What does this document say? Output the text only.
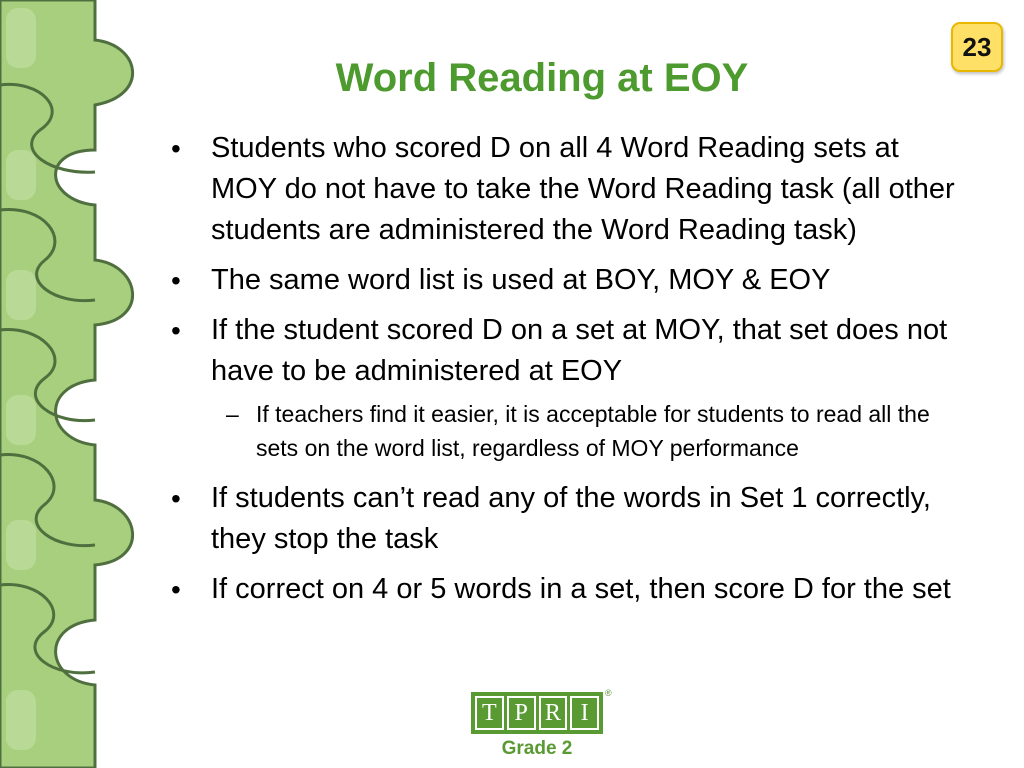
23
Word Reading at EOY
• Students who scored D on all 4 Word Reading sets at MOY do not have to take the Word Reading task (all other students are administered the Word Reading task)
• The same word list is used at BOY, MOY & EOY
• If the student scored D on a set at MOY, that set does not have to be administered at EOY
– If teachers find it easier, it is acceptable for students to read all the sets on the word list, regardless of MOY performance
• If students can’t read any of the words in Set 1 correctly, they stop the task
• If correct on 4 or 5 words in a set, then score D for the set
T P R I
®
Grade 2
